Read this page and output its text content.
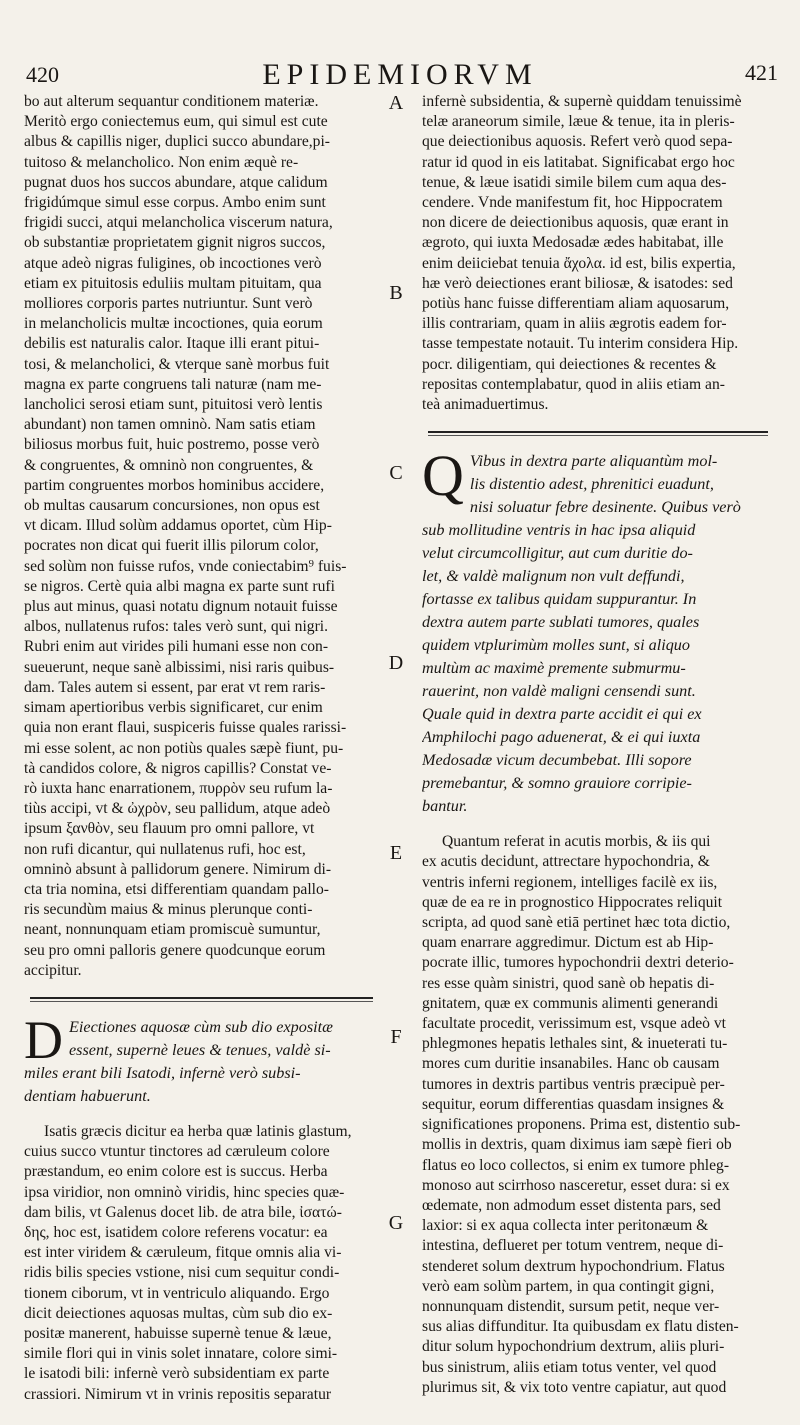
420	EPIDEMIORVM	421
A
B
C
D
E
F
G
bo aut alterum sequantur conditionem materiæ.
Meritò ergo coniectemus eum, qui simul est cute
albus & capillis niger, duplici succo abundare,pi-
tuitoso & melancholico. Non enim æquè re-
pugnat duos hos succos abundare, atque calidum
frigidúmque simul esse corpus. Ambo enim sunt
frigidi succi, atqui melancholica viscerum natura,
ob substantiæ proprietatem gignit nigros succos,
atque adeò nigras fuligines, ob incoctiones verò
etiam ex pituitosis eduliis multam pituitam, qua
molliores corporis partes nutriuntur. Sunt verò
in melancholicis multæ incoctiones, quia eorum
debilis est naturalis calor. Itaque illi erant pitui-
tosi, & melancholici, & vterque sanè morbus fuit
magna ex parte congruens tali naturæ (nam me-
lancholici serosi etiam sunt, pituitosi verò lentis
abundant) non tamen omninò. Nam satis etiam
biliosus morbus fuit, huic postremo, posse verò
& congruentes, & omninò non congruentes, &
partim congruentes morbos hominibus accidere,
ob multas causarum concursiones, non opus est
vt dicam. Illud solùm addamus oportet, cùm Hip-
pocrates non dicat qui fuerit illis pilorum color,
sed solùm non fuisse rufos, vnde coniectabim⁹ fuis-
se nigros. Certè quia albi magna ex parte sunt rufi
plus aut minus, quasi notatu dignum notauit fuisse
albos, nullatenus rufos: tales verò sunt, qui nigri.
Rubri enim aut virides pili humani esse non con-
sueuerunt, neque sanè albissimi, nisi raris quibus-
dam. Tales autem si essent, par erat vt rem raris-
simam apertioribus verbis significaret, cur enim
quia non erant flaui, suspiceris fuisse quales rarissi-
mi esse solent, ac non potiùs quales sæpè fiunt, pu-
tà candidos colore, & nigros capillis? Constat ve-
rò iuxta hanc enarrationem, πυρρὸν seu rufum la-
tiùs accipi, vt & ὠχρὸν, seu pallidum, atque adeò
ipsum ξανθὸν, seu flauum pro omni pallore, vt
non rufi dicantur, qui nullatenus rufi, hoc est,
omninò absunt à pallidorum genere. Nimirum di-
cta tria nomina, etsi differentiam quandam pallo-
ris secundùm maius & minus plerunque conti-
neant, nonnunquam etiam promiscuè sumuntur,
seu pro omni palloris genere quodcunque eorum
accipitur.
D Eiectiones aquosæ cùm sub dio expositæ
essent, supernè leues & tenues, valdè si-
miles erant bili Isatodi, infernè verò subsi-
dentiam habuerunt.
Isatis græcis dicitur ea herba quæ latinis glastum,
cuius succo vtuntur tinctores ad cæruleum colore
præstandum, eo enim colore est is succus. Herba
ipsa viridior, non omninò viridis, hinc species quæ-
dam bilis, vt Galenus docet lib. de atra bile, ἰσατώ-
δης, hoc est, isatidem colore referens vocatur: ea
est inter viridem & cæruleum, fitque omnis alia vi-
ridis bilis species vstione, nisi cum sequitur condi-
tionem ciborum, vt in ventriculo aliquando. Ergo
dicit deiectiones aquosas multas, cùm sub dio ex-
positæ manerent, habuisse supernè tenue & læue,
simile flori qui in vinis solet innatare, colore simi-
le isatodi bili: infernè verò subsidentiam ex parte
crassiori. Nimirum vt in vrinis repositis separatur
infernè subsidentia, & supernè quiddam tenuissimè
telæ araneorum simile, læue & tenue, ita in pleris-
que deiectionibus aquosis. Refert verò quod sepa-
ratur id quod in eis latitabat. Significabat ergo hoc
tenue, & læue isatidi simile bilem cum aqua des-
cendere. Vnde manifestum fit, hoc Hippocratem
non dicere de deiectionibus aquosis, quæ erant in
ægroto, qui iuxta Medosadæ ædes habitabat, ille
enim deiiciebat tenuia ἄχολα. id est, bilis expertia,
hæ verò deiectiones erant biliosæ, & isatodes: sed
potiùs hanc fuisse differentiam aliam aquosarum,
illis contrariam, quam in aliis ægrotis eadem for-
tasse tempestate notauit. Tu interim considera Hip.
pocr. diligentiam, qui deiectiones & recentes &
repositas contemplabatur, quod in aliis etiam an-
teà animaduertimus.
Q Vibus in dextra parte aliquantùm mol-
lis distentio adest, phrenitici euadunt,
nisi soluatur febre desinente. Quibus verò
sub mollitudine ventris in hac ipsa aliquid
velut circumcolligitur, aut cum duritie do-
let, & valdè malignum non vult deffundi,
fortasse ex talibus quidam suppurantur. In
dextra autem parte sublati tumores, quales
quidem vtplurimùm molles sunt, si aliquo
multùm ac maximè premente submurmu-
rauerint, non valdè maligni censendi sunt.
Quale quid in dextra parte accidit ei qui ex
Amphilochi pago aduenerat, & ei qui iuxta
Medosadæ vicum decumbebat. Illi sopore
premebantur, & somno grauiore corripie-
bantur.
Quantum referat in acutis morbis, & iis qui
ex acutis decidunt, attrectare hypochondria, &
ventris inferni regionem, intelliges facilè ex iis,
quæ de ea re in prognostico Hippocrates reliquit
scripta, ad quod sanè etiā pertinet hæc tota dictio,
quam enarrare aggredimur. Dictum est ab Hip-
pocrate illic, tumores hypochondrii dextri deterio-
res esse quàm sinistri, quod sanè ob hepatis di-
gnitatem, quæ ex communis alimenti generandi
facultate procedit, verissimum est, vsque adeò vt
phlegmones hepatis lethales sint, & inueterati tu-
mores cum duritie insanabiles. Hanc ob causam
tumores in dextris partibus ventris præcipuè per-
sequitur, eorum differentias quasdam insignes &
significationes proponens. Prima est, distentio sub-
mollis in dextris, quam diximus iam sæpè fieri ob
flatus eo loco collectos, si enim ex tumore phleg-
monoso aut scirrhoso nasceretur, esset dura: si ex
œdemate, non admodum esset distenta pars, sed
laxior: si ex aqua collecta inter peritonæum &
intestina, deflueret per totum ventrem, neque di-
stenderet solum dextrum hypochondrium. Flatus
verò eam solùm partem, in qua contingit gigni,
nonnunquam distendit, sursum petit, neque ver-
sus alias diffunditur. Ita quibusdam ex flatu disten-
ditur solum hypochondrium dextrum, aliis pluri-
bus sinistrum, aliis etiam totus venter, vel quod
plurimus sit, & vix toto ventre capiatur, aut quod
